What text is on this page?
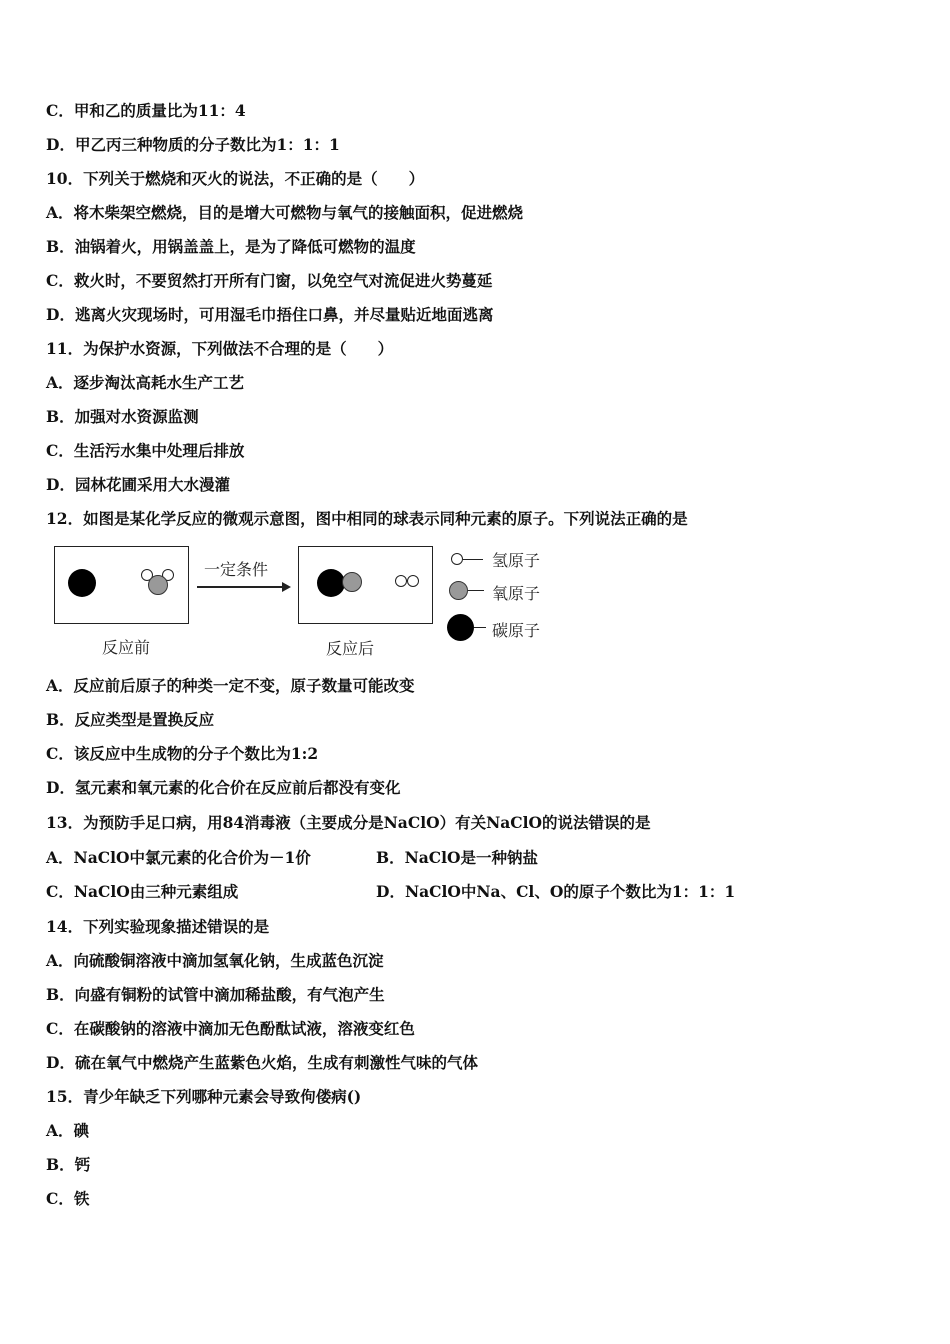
C．甲和乙的质量比为11：4
D．甲乙丙三种物质的分子数比为1：1：1
10．下列关于燃烧和灭火的说法，不正确的是（　　）
A．将木柴架空燃烧，目的是增大可燃物与氧气的接触面积，促进燃烧
B．油锅着火，用锅盖盖上，是为了降低可燃物的温度
C．救火时，不要贸然打开所有门窗，以免空气对流促进火势蔓延
D．逃离火灾现场时，可用湿毛巾捂住口鼻，并尽量贴近地面逃离
11．为保护水资源，下列做法不合理的是（　　）
A．逐步淘汰高耗水生产工艺
B．加强对水资源监测
C．生活污水集中处理后排放
D．园林花圃采用大水漫灌
12．如图是某化学反应的微观示意图，图中相同的球表示同种元素的原子。下列说法正确的是
反应前
一定条件
反应后
氢原子
氧原子
碳原子
A．反应前后原子的种类一定不变，原子数量可能改变
B．反应类型是置换反应
C．该反应中生成物的分子个数比为1:2
D．氢元素和氧元素的化合价在反应前后都没有变化
13．为预防手足口病，用84消毒液（主要成分是NaClO）有关NaClO的说法错误的是
A．NaClO中氯元素的化合价为－1价	B．NaClO是一种钠盐
C．NaClO由三种元素组成	D．NaClO中Na、Cl、O的原子个数比为1：1：1
14．下列实验现象描述错误的是
A．向硫酸铜溶液中滴加氢氧化钠，生成蓝色沉淀
B．向盛有铜粉的试管中滴加稀盐酸，有气泡产生
C．在碳酸钠的溶液中滴加无色酚酞试液，溶液变红色
D．硫在氧气中燃烧产生蓝紫色火焰，生成有刺激性气味的气体
15．青少年缺乏下列哪种元素会导致佝偻病()
A．碘
B．钙
C．铁
